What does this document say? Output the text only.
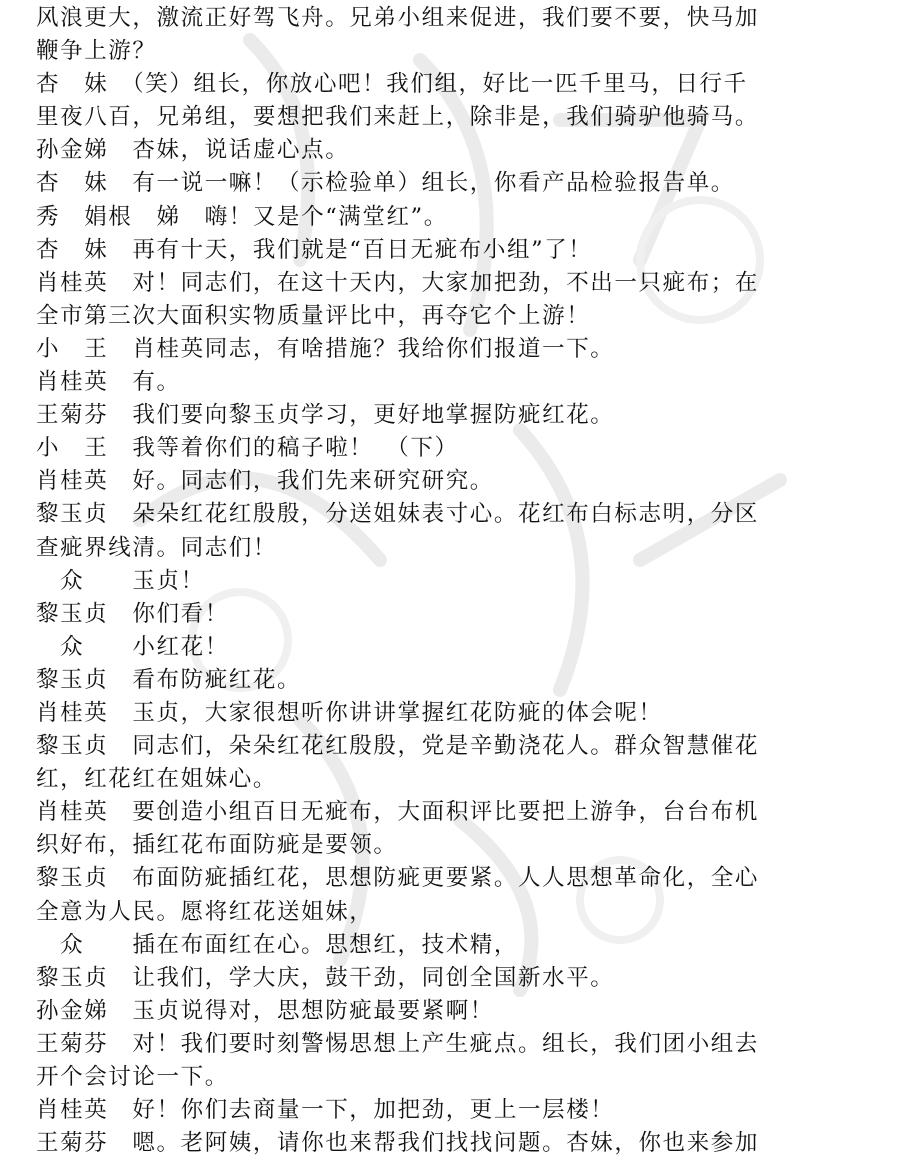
风浪更大，激流正好驾飞舟。兄弟小组来促进，我们要不要，快马加
鞭争上游？
杏　妹　（笑）组长，你放心吧！我们组，好比一匹千里马，日行千
里夜八百，兄弟组，要想把我们来赶上，除非是，我们骑驴他骑马。
孙金娣　杏妹，说话虚心点。
杏　妹　有一说一嘛！（示检验单）组长，你看产品检验报告单。
秀　娟根　娣　嗨！又是个“满堂红”。
杏　妹　再有十天，我们就是“百日无疵布小组”了！
肖桂英　对！同志们，在这十天内，大家加把劲，不出一只疵布；在
全市第三次大面积实物质量评比中，再夺它个上游！
小　王　肖桂英同志，有啥措施？我给你们报道一下。
肖桂英　有。
王菊芬　我们要向黎玉贞学习，更好地掌握防疵红花。
小　王　我等着你们的稿子啦！　（下）
肖桂英　好。同志们，我们先来研究研究。
黎玉贞　朵朵红花红殷殷，分送姐妹表寸心。花红布白标志明，分区
查疵界线清。同志们！
　众　　玉贞！
黎玉贞　你们看！
　众　　小红花！
黎玉贞　看布防疵红花。
肖桂英　玉贞，大家很想听你讲讲掌握红花防疵的体会呢！
黎玉贞　同志们，朵朵红花红殷殷，党是辛勤浇花人。群众智慧催花
红，红花红在姐妹心。
肖桂英　要创造小组百日无疵布，大面积评比要把上游争，台台布机
织好布，插红花布面防疵是要领。
黎玉贞　布面防疵插红花，思想防疵更要紧。人人思想革命化，全心
全意为人民。愿将红花送姐妹，
　众　　插在布面红在心。思想红，技术精，
黎玉贞　让我们，学大庆，鼓干劲，同创全国新水平。
孙金娣　玉贞说得对，思想防疵最要紧啊！
王菊芬　对！我们要时刻警惕思想上产生疵点。组长，我们团小组去
开个会讨论一下。
肖桂英　好！你们去商量一下，加把劲，更上一层楼！
王菊芬　嗯。老阿姨，请你也来帮我们找找问题。杏妹，你也来参加
